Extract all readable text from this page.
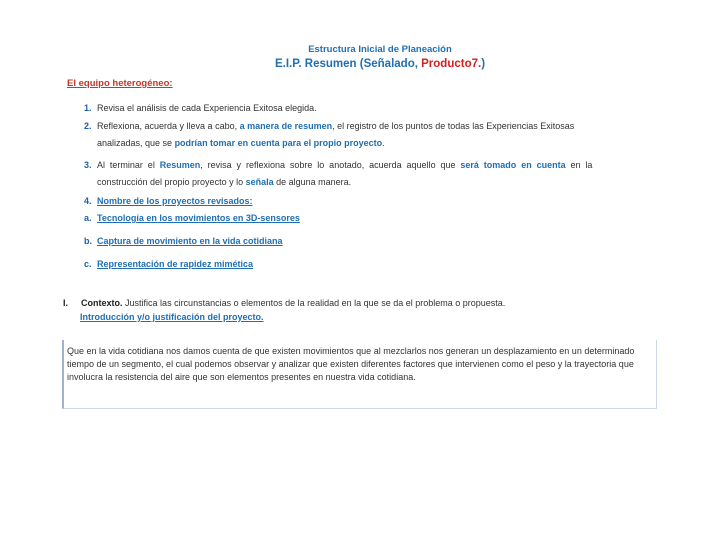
Estructura Inicial de Planeación
E.I.P. Resumen (Señalado, Producto7.)
El equipo heterogéneo:
1. Revisa el análisis de cada Experiencia Exitosa elegida.
2. Reflexiona, acuerda y lleva a cabo, a manera de resumen, el registro de los puntos de todas las Experiencias Exitosas
analizadas, que se podrían tomar en cuenta para el propio proyecto.
3. Al terminar el Resumen, revisa y reflexiona sobre lo anotado, acuerda aquello que será tomado en cuenta en la
construcción del propio proyecto y lo señala de alguna manera.
4. Nombre de los proyectos revisados:
a. Tecnología en los movimientos en 3D-sensores
b. Captura de movimiento en la vida cotidiana
c. Representación de rapidez mimética
I. Contexto. Justifica las circunstancias o elementos de la realidad en la que se da el problema o propuesta.
Introducción y/o justificación del proyecto.
Que en la vida cotidiana nos damos cuenta de que existen movimientos que al mezclarlos nos generan un desplazamiento en un determinado tiempo de un segmento, el cual podemos observar y analizar que existen diferentes factores que intervienen como el peso y la trayectoria que involucra la resistencia del aire que son elementos presentes en nuestra vida cotidiana.
